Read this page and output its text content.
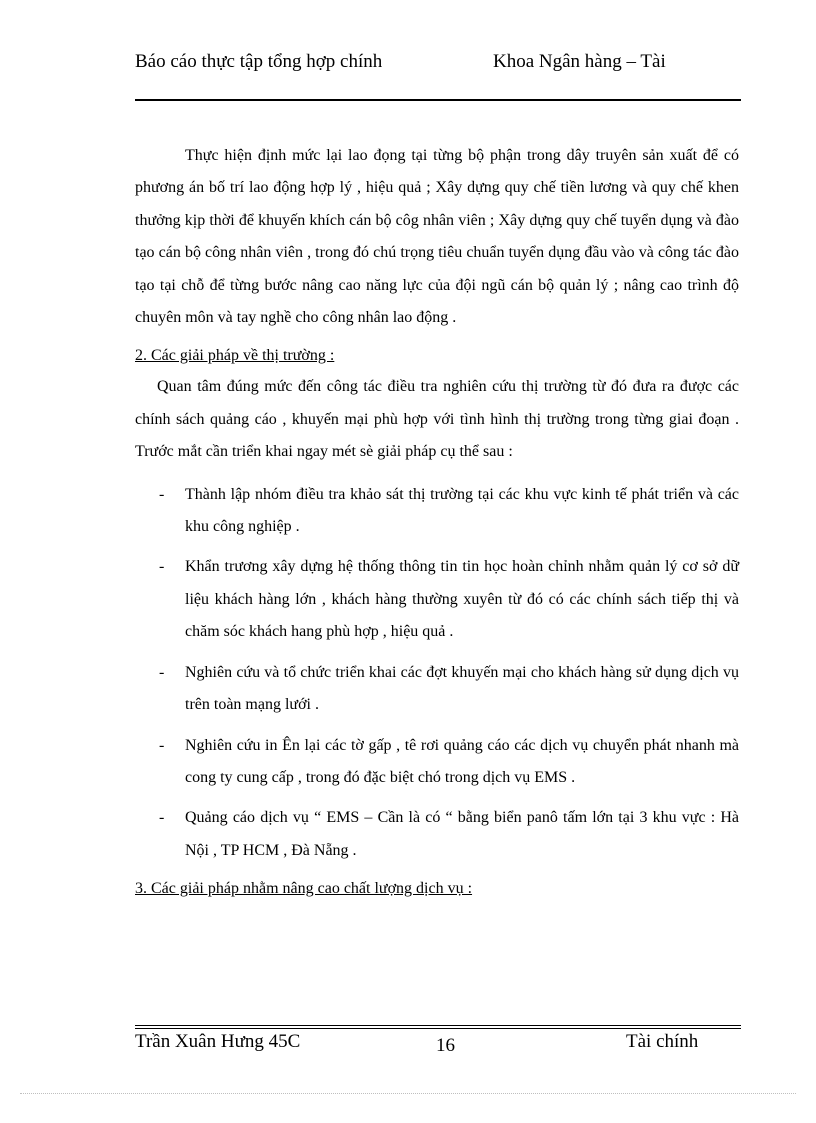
Báo cáo thực tập tổng hợp chính	Khoa Ngân hàng – Tài

Thực hiện định mức lại lao đọng tại từng bộ phận trong dây truyên sản xuất để có phương án bố trí lao động hợp lý , hiệu quả ; Xây dựng quy chế tiền lương và quy chế khen thưởng kịp thời để khuyến khích cán bộ côg nhân viên ; Xây dựng quy chế tuyển dụng và đào tạo cán bộ công nhân viên , trong đó chú trọng tiêu chuẩn tuyển dụng đầu vào và công tác đào tạo tại chỗ để từng bước nâng cao năng lực của đội ngũ cán bộ quản lý ; nâng cao trình độ chuyên môn và tay nghề cho công nhân lao động .

2. Các giải pháp về thị trường :

Quan tâm đúng mức đến công tác điều tra nghiên cứu thị trường từ đó đưa ra được các chính sách quảng cáo , khuyến mại phù hợp với tình hình thị trường trong từng giai đoạn . Trước mắt cần triển khai ngay mét sè giải pháp cụ thể sau :

- Thành lập nhóm điều tra khảo sát thị trường tại các khu vực kinh tế phát triển và các khu công nghiệp .
- Khẩn trương xây dựng hệ thống thông tin tin học hoàn chỉnh nhằm quản lý cơ sở dữ liệu khách hàng lớn , khách hàng thường xuyên từ đó có các chính sách tiếp thị và chăm sóc khách hang phù hợp , hiệu quả .
- Nghiên cứu và tổ chức triển khai các đợt khuyến mại cho khách hàng sử dụng dịch vụ trên toàn mạng lưới .
- Nghiên cứu in Ên lại các tờ gấp , tê rơi quảng cáo các dịch vụ chuyển phát nhanh mà cong ty cung cấp , trong đó đặc biệt chó trong dịch vụ EMS .
- Quảng cáo dịch vụ “ EMS – Cần là có “ bằng biển panô tấm lớn tại 3 khu vực : Hà Nội , TP HCM , Đà Nẵng .

3. Các giải pháp nhằm nâng cao chất lượng dịch vụ :

Trần Xuân Hưng 45C	16	Tài chính
